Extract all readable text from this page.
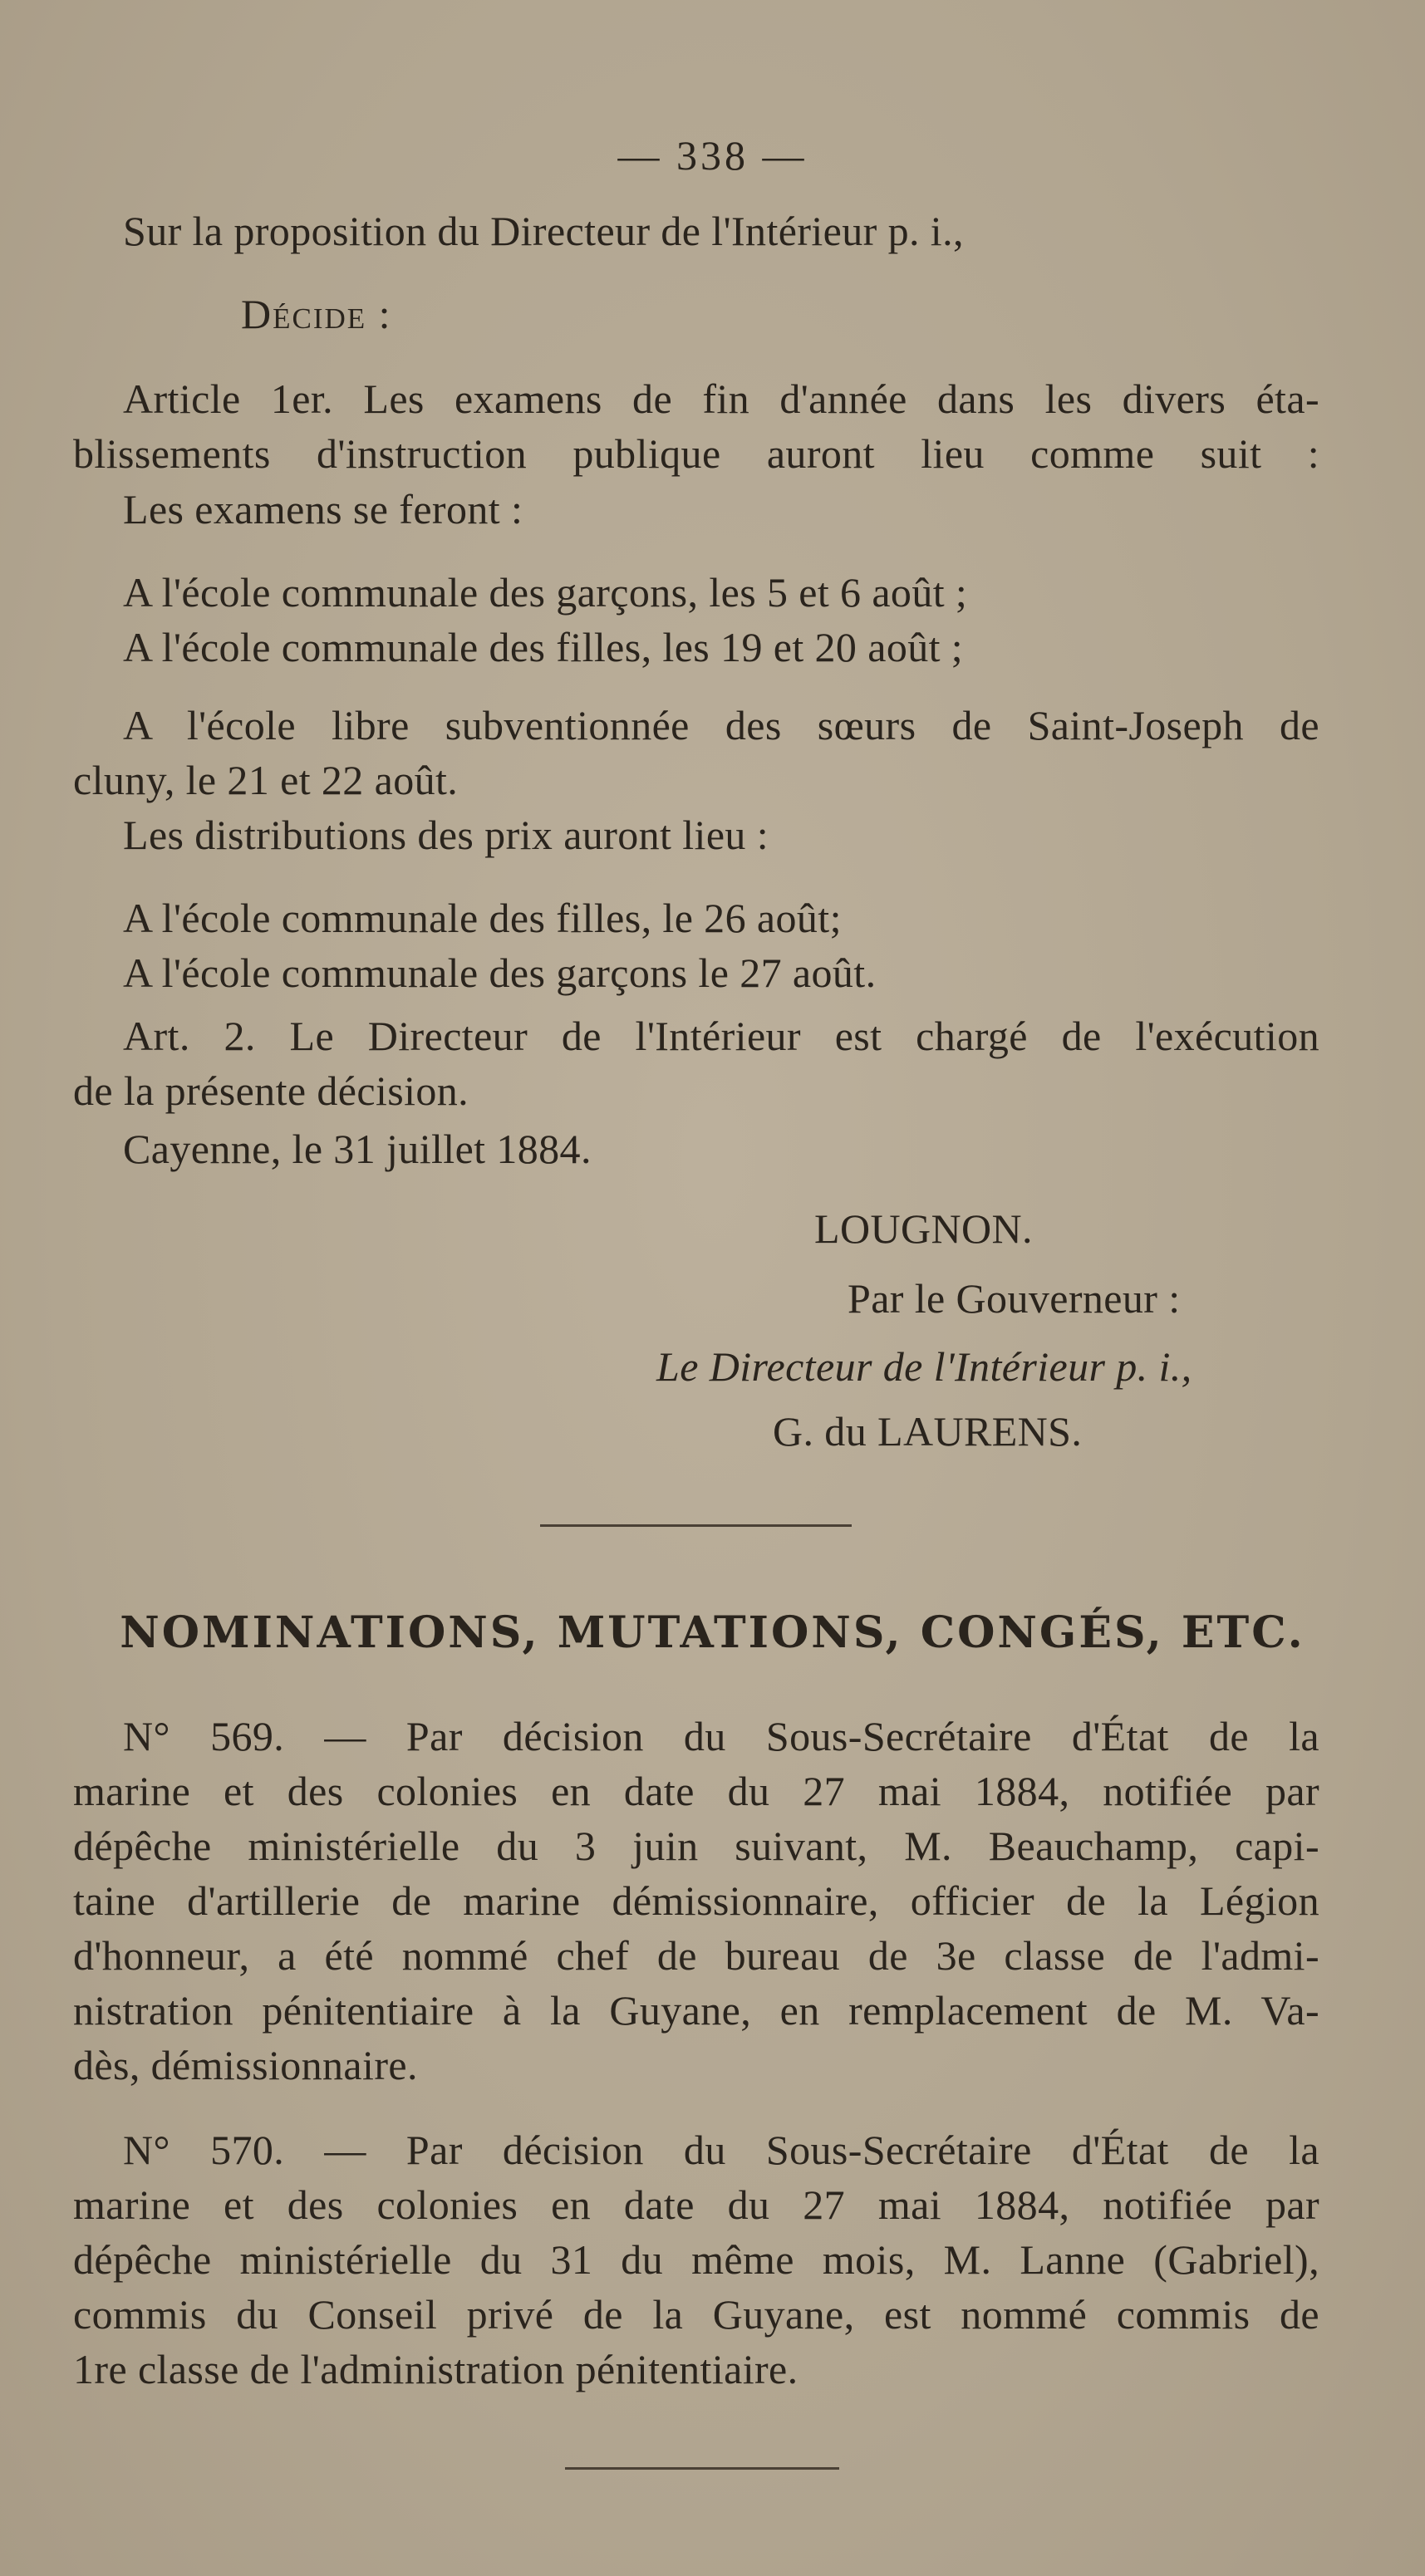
— 338 —
Sur la proposition du Directeur de l'Intérieur p. i.,
Décide :
Article 1er. Les examens de fin d'année dans les divers éta-
blissements d'instruction publique auront lieu comme suit :
Les examens se feront :
A l'école communale des garçons, les 5 et 6 août ;
A l'école communale des filles, les 19 et 20 août ;
A l'école libre subventionnée des sœurs de Saint-Joseph de
cluny, le 21 et 22 août.
Les distributions des prix auront lieu :
A l'école communale des filles, le 26 août;
A l'école communale des garçons le 27 août.
Art. 2. Le Directeur de l'Intérieur est chargé de l'exécution
de la présente décision.
Cayenne, le 31 juillet 1884.
LOUGNON.
Par le Gouverneur :
Le Directeur de l'Intérieur p. i.,
G. du LAURENS.
NOMINATIONS, MUTATIONS, CONGÉS, ETC.
N° 569. — Par décision du Sous-Secrétaire d'État de la
marine et des colonies en date du 27 mai 1884, notifiée par
dépêche ministérielle du 3 juin suivant, M. Beauchamp, capi-
taine d'artillerie de marine démissionnaire, officier de la Légion
d'honneur, a été nommé chef de bureau de 3e classe de l'admi-
nistration pénitentiaire à la Guyane, en remplacement de M. Va-
dès, démissionnaire.
N° 570. — Par décision du Sous-Secrétaire d'État de la
marine et des colonies en date du 27 mai 1884, notifiée par
dépêche ministérielle du 31 du même mois, M. Lanne (Gabriel),
commis du Conseil privé de la Guyane, est nommé commis de
1re classe de l'administration pénitentiaire.
